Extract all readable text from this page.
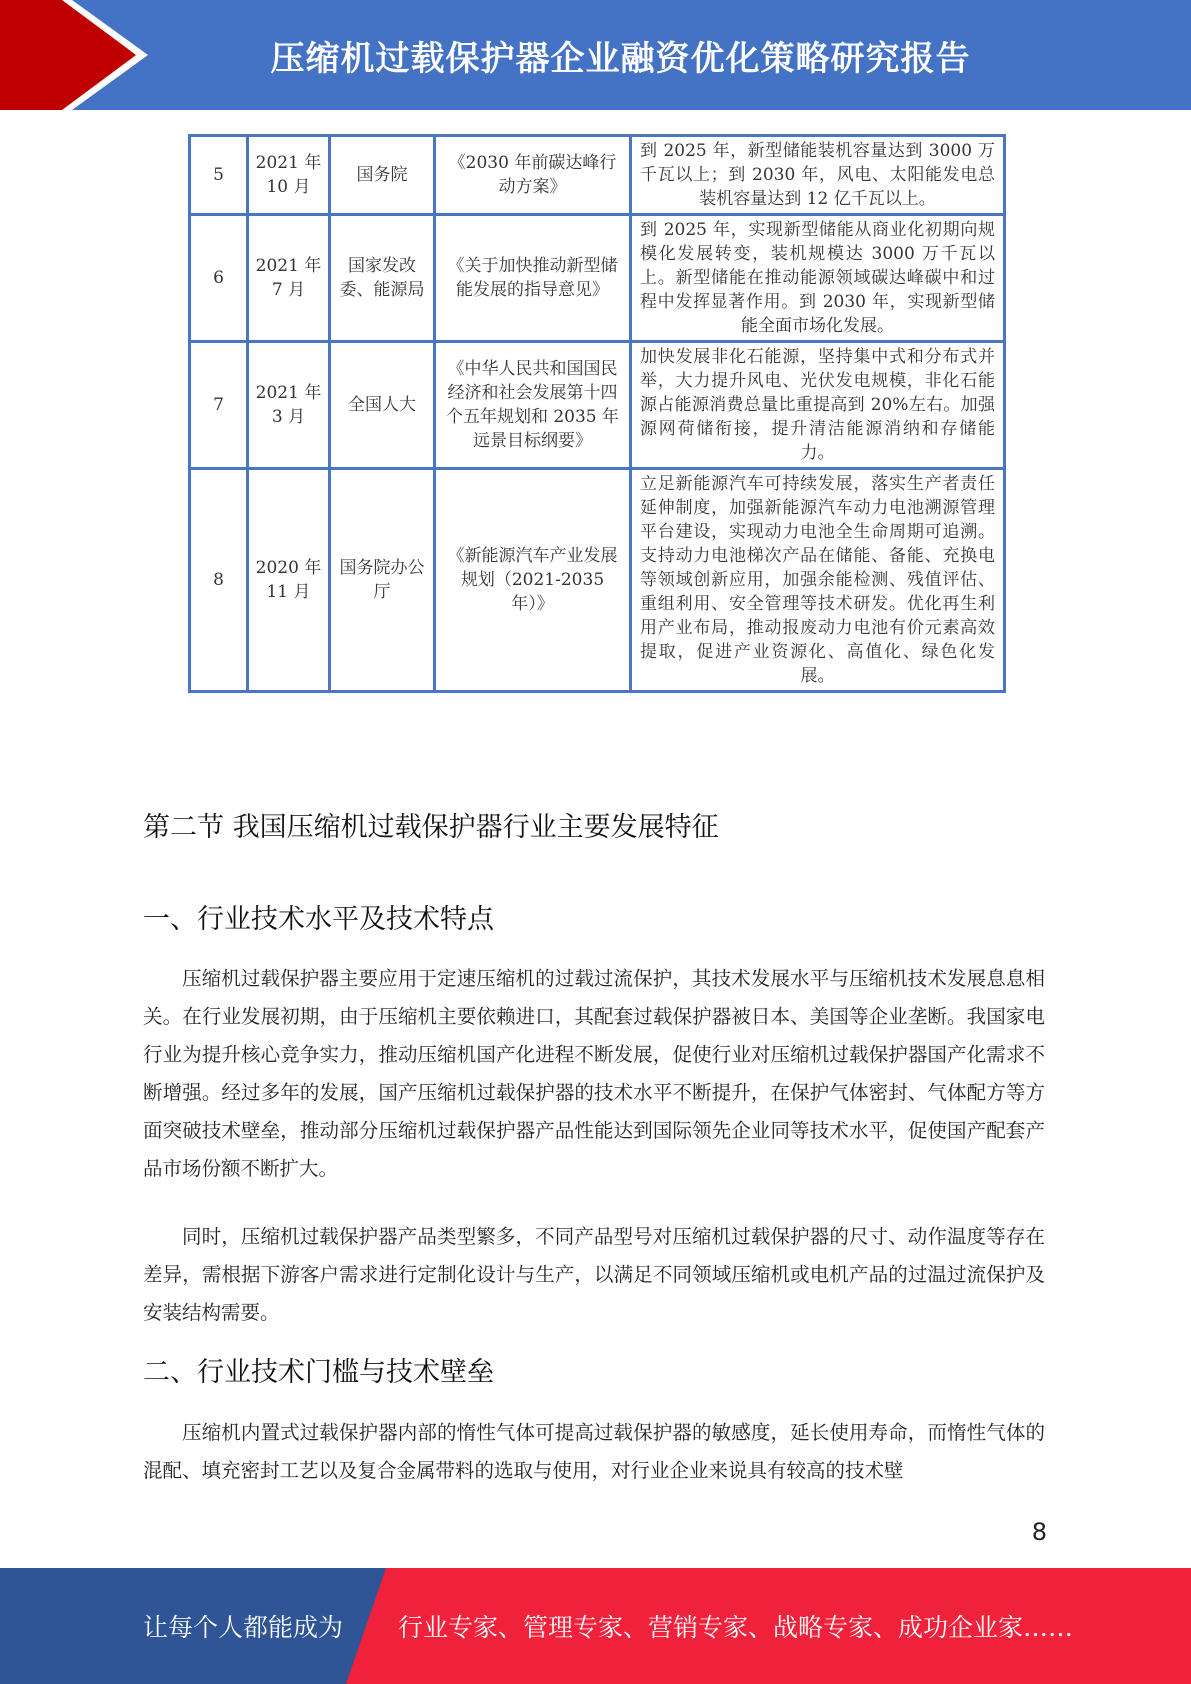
压缩机过载保护器企业融资优化策略研究报告
5	2021 年 10 月	国务院	《2030 年前碳达峰行动方案》	到 2025 年，新型储能装机容量达到 3000 万千瓦以上；到 2030 年，风电、太阳能发电总装机容量达到 12 亿千瓦以上。
6	2021 年 7 月	国家发改委、能源局	《关于加快推动新型储能发展的指导意见》	到 2025 年，实现新型储能从商业化初期向规模化发展转变，装机规模达 3000 万千瓦以上。新型储能在推动能源领域碳达峰碳中和过程中发挥显著作用。到 2030 年，实现新型储能全面市场化发展。
7	2021 年 3 月	全国人大	《中华人民共和国国民经济和社会发展第十四个五年规划和 2035 年远景目标纲要》	加快发展非化石能源，坚持集中式和分布式并举，大力提升风电、光伏发电规模，非化石能源占能源消费总量比重提高到 20%左右。加强源网荷储衔接，提升清洁能源消纳和存储能力。
8	2020 年 11 月	国务院办公厅	《新能源汽车产业发展规划（2021-2035 年）》	立足新能源汽车可持续发展，落实生产者责任延伸制度，加强新能源汽车动力电池溯源管理平台建设，实现动力电池全生命周期可追溯。支持动力电池梯次产品在储能、备能、充换电等领域创新应用，加强余能检测、残值评估、重组利用、安全管理等技术研发。优化再生利用产业布局，推动报废动力电池有价元素高效提取，促进产业资源化、高值化、绿色化发展。
第二节 我国压缩机过载保护器行业主要发展特征
一、行业技术水平及技术特点

压缩机过载保护器主要应用于定速压缩机的过载过流保护，其技术发展水平与压缩机技术发展息息相关。在行业发展初期，由于压缩机主要依赖进口，其配套过载保护器被日本、美国等企业垄断。我国家电行业为提升核心竞争实力，推动压缩机国产化进程不断发展，促使行业对压缩机过载保护器国产化需求不断增强。经过多年的发展，国产压缩机过载保护器的技术水平不断提升，在保护气体密封、气体配方等方面突破技术壁垒，推动部分压缩机过载保护器产品性能达到国际领先企业同等技术水平，促使国产配套产品市场份额不断扩大。

同时，压缩机过载保护器产品类型繁多，不同产品型号对压缩机过载保护器的尺寸、动作温度等存在差异，需根据下游客户需求进行定制化设计与生产，以满足不同领域压缩机或电机产品的过温过流保护及安装结构需要。

二、行业技术门槛与技术壁垒

压缩机内置式过载保护器内部的惰性气体可提高过载保护器的敏感度，延长使用寿命，而惰性气体的混配、填充密封工艺以及复合金属带料的选取与使用，对行业企业来说具有较高的技术壁

8
让每个人都能成为 行业专家、管理专家、营销专家、战略专家、成功企业家……
